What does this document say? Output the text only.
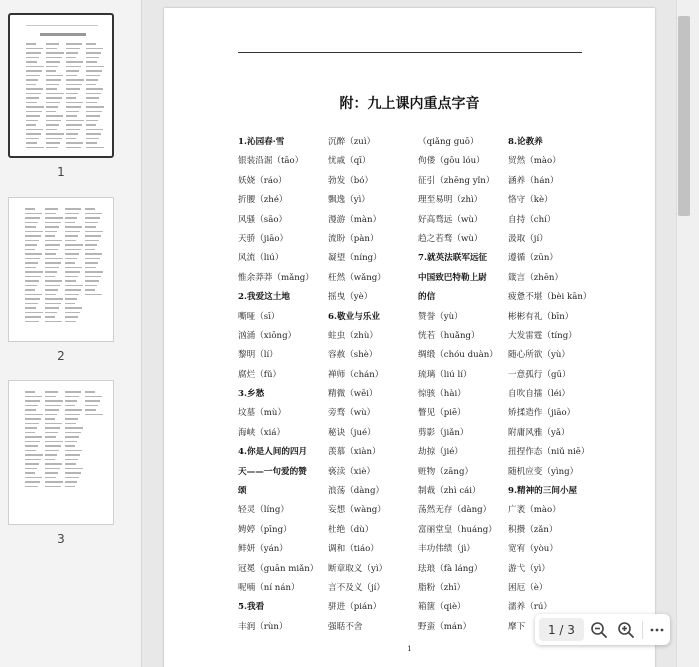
1
2
3
附：九上课内重点字音
1.沁园春·雪
银装沿淈（tāo）
妖娆（ráo）
折腰（zhé）
风骚（sāo）
天骄（jiāo）
风流（liú）
惟余莽莽（mǎng）
2.我爱这土地
嘶哑（sī）
汹涌（xiōng）
黎明（lí）
腐烂（fǔ）
3.乡愁
坟墓（mù）
海峡（xiá）
4.你是人间的四月
天——一句爱的赞
颂
轻灵（líng）
娉婷（pīng）
鲜妍（yán）
冠冕（guān miǎn）
呢喃（ní nán）
5.我看
丰润（rùn）
沉醉（zuì）
忧戚（qī）
勃发（bó）
飘逸（yì）
漫游（màn）
流盼（pàn）
凝望（níng）
枉然（wǎng）
摇曳（yè）
6.敬业与乐业
蛀虫（zhù）
容赦（shè）
禅师（chán）
精微（wēi）
旁骛（wù）
秘诀（jué）
羡慕（xiàn）
亵渎（xiè）
浪荡（dàng）
妄想（wàng）
杜绝（dù）
调和（tiáo）
断章取义（yì）
言不及义（jí）
骈进（pián）
强聒不舍
（qiǎng guō）
佝偻（gōu lóu）
征引（zhēng yǐn）
理至易明（zhì）
好高骛远（wù）
趋之若骛（wù）
7.就英法联军远征
中国致巴特勒上尉
的信
赞誉（yù）
恍若（huǎng）
绸缎（chóu duàn）
琉璃（liú lí）
惊骇（hài）
瞥见（piē）
剪影（jiǎn）
劫掠（jié）
赃物（zāng）
制裁（zhì cái）
荡然无存（dàng）
富丽堂皇（huáng）
丰功伟绩（jì）
珐琅（fà láng）
脂粉（zhī）
箱箧（qiè）
野蛮（mán）
8.论教养
贸然（mào）
涵养（hán）
恪守（kè）
自持（chí）
汲取（jí）
遵循（zūn）
箴言（zhēn）
疲惫不堪（bèi kān）
彬彬有礼（bīn）
大发雷霆（tíng）
随心所欲（yù）
一意孤行（gū）
自吹自擂（léi）
矫揉造作（jiāo）
附庸风雅（yǎ）
扭捏作态（niǔ niē）
随机应变（yìng）
9.精神的三间小屋
广袤（mào）
积攒（zǎn）
宽宥（yòu）
游弋（yì）
困厄（è）
濡养（rú）
摩下
1
1 / 3
